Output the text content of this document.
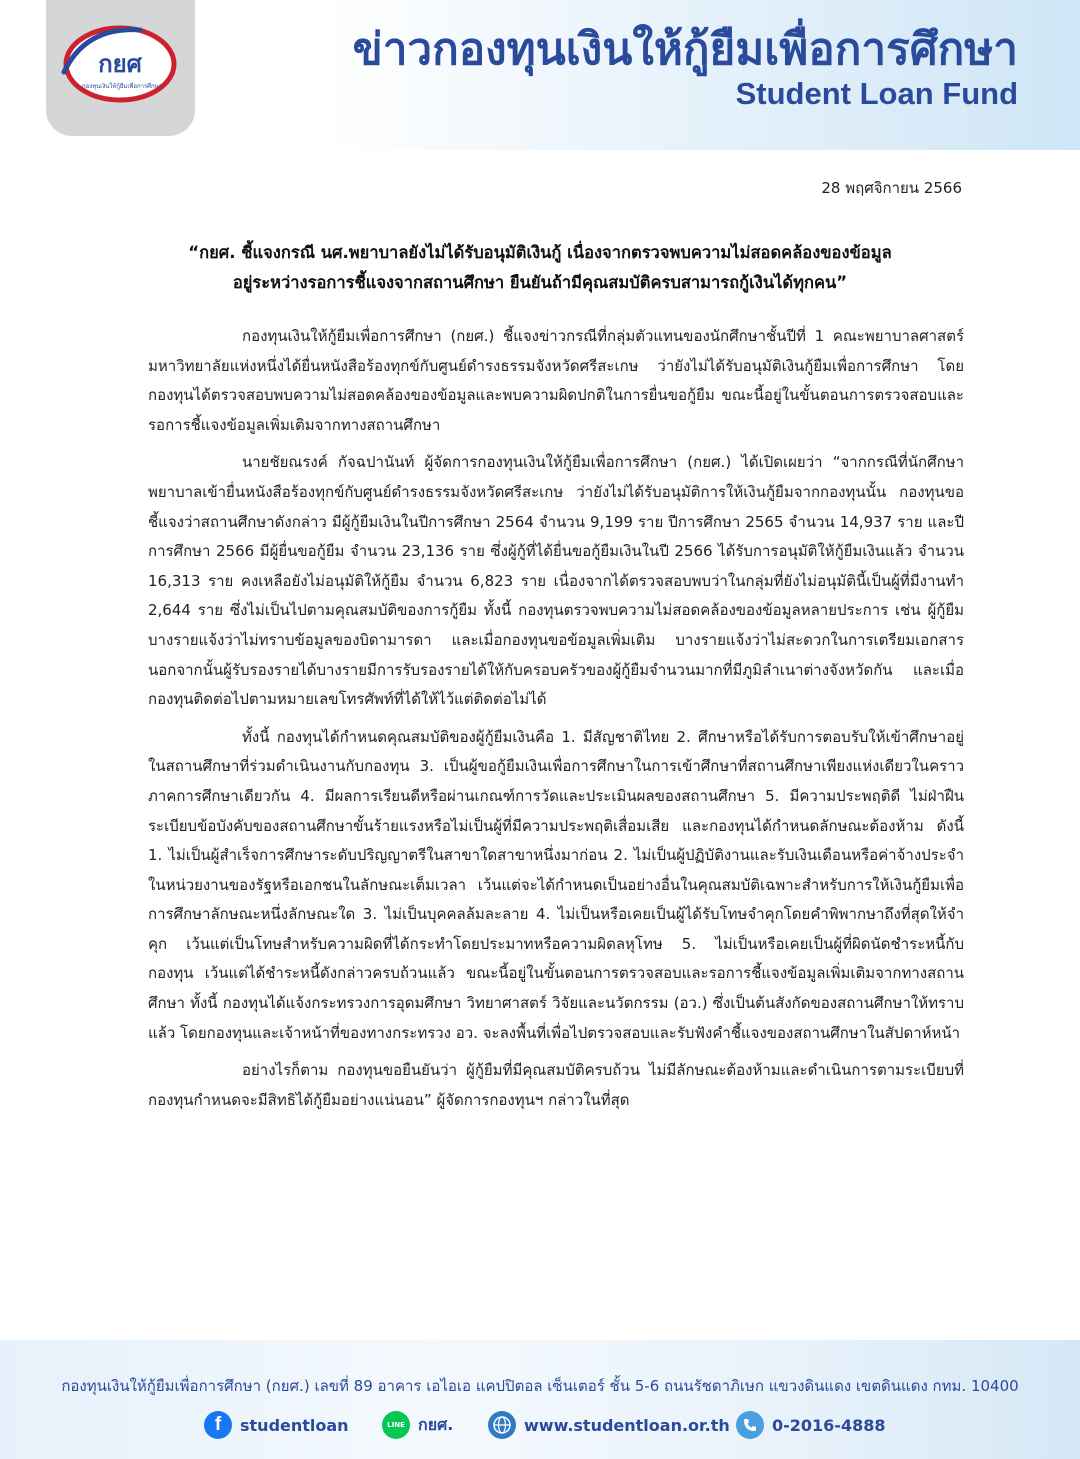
กยศ
กองทุนเงินให้กู้ยืมเพื่อการศึกษา
ข่าวกองทุนเงินให้กู้ยืมเพื่อการศึกษา
Student Loan Fund
28 พฤศจิกายน 2566
“กยศ. ชี้แจงกรณี นศ.พยาบาลยังไม่ได้รับอนุมัติเงินกู้ เนื่องจากตรวจพบความไม่สอดคล้องของข้อมูล
อยู่ระหว่างรอการชี้แจงจากสถานศึกษา ยืนยันถ้ามีคุณสมบัติครบสามารถกู้เงินได้ทุกคน”

กองทุนเงินให้กู้ยืมเพื่อการศึกษา (กยศ.) ชี้แจงข่าวกรณีที่กลุ่มตัวแทนของนักศึกษาชั้นปีที่ 1 คณะพยาบาลศาสตร์ มหาวิทยาลัยแห่งหนึ่งได้ยื่นหนังสือร้องทุกข์กับศูนย์ดำรงธรรมจังหวัดศรีสะเกษ ว่ายังไม่ได้รับอนุมัติเงินกู้ยืมเพื่อการศึกษา โดยกองทุนได้ตรวจสอบพบความไม่สอดคล้องของข้อมูลและพบความผิดปกติในการยื่นขอกู้ยืม ขณะนี้อยู่ในขั้นตอนการตรวจสอบและรอการชี้แจงข้อมูลเพิ่มเติมจากทางสถานศึกษา

นายชัยณรงค์ กัจฉปานันท์ ผู้จัดการกองทุนเงินให้กู้ยืมเพื่อการศึกษา (กยศ.) ได้เปิดเผยว่า “จากกรณีที่นักศึกษาพยาบาลเข้ายื่นหนังสือร้องทุกข์กับศูนย์ดำรงธรรมจังหวัดศรีสะเกษ ว่ายังไม่ได้รับอนุมัติการให้เงินกู้ยืมจากกองทุนนั้น กองทุนขอชี้แจงว่าสถานศึกษาดังกล่าว มีผู้กู้ยืมเงินในปีการศึกษา 2564 จำนวน 9,199 ราย ปีการศึกษา 2565 จำนวน 14,937 ราย และปีการศึกษา 2566 มีผู้ยื่นขอกู้ยืม จำนวน 23,136 ราย ซึ่งผู้กู้ที่ได้ยื่นขอกู้ยืมเงินในปี 2566 ได้รับการอนุมัติให้กู้ยืมเงินแล้ว จำนวน 16,313 ราย คงเหลือยังไม่อนุมัติให้กู้ยืม จำนวน 6,823 ราย เนื่องจากได้ตรวจสอบพบว่าในกลุ่มที่ยังไม่อนุมัตินี้เป็นผู้ที่มีงานทำ 2,644 ราย ซึ่งไม่เป็นไปตามคุณสมบัติของการกู้ยืม ทั้งนี้ กองทุนตรวจพบความไม่สอดคล้องของข้อมูลหลายประการ เช่น ผู้กู้ยืมบางรายแจ้งว่าไม่ทราบข้อมูลของบิดามารดา และเมื่อกองทุนขอข้อมูลเพิ่มเติม บางรายแจ้งว่าไม่สะดวกในการเตรียมเอกสาร นอกจากนั้นผู้รับรองรายได้บางรายมีการรับรองรายได้ให้กับครอบครัวของผู้กู้ยืมจำนวนมากที่มีภูมิลำเนาต่างจังหวัดกัน และเมื่อกองทุนติดต่อไปตามหมายเลขโทรศัพท์ที่ได้ให้ไว้แต่ติดต่อไม่ได้

ทั้งนี้ กองทุนได้กำหนดคุณสมบัติของผู้กู้ยืมเงินคือ 1. มีสัญชาติไทย 2. ศึกษาหรือได้รับการตอบรับให้เข้าศึกษาอยู่ในสถานศึกษาที่ร่วมดำเนินงานกับกองทุน 3. เป็นผู้ขอกู้ยืมเงินเพื่อการศึกษาในการเข้าศึกษาที่สถานศึกษาเพียงแห่งเดียวในคราวภาคการศึกษาเดียวกัน 4. มีผลการเรียนดีหรือผ่านเกณฑ์การวัดและประเมินผลของสถานศึกษา 5. มีความประพฤติดี ไม่ฝ่าฝืนระเบียบข้อบังคับของสถานศึกษาขั้นร้ายแรงหรือไม่เป็นผู้ที่มีความประพฤติเสื่อมเสีย และกองทุนได้กำหนดลักษณะต้องห้าม ดังนี้ 1. ไม่เป็นผู้สำเร็จการศึกษาระดับปริญญาตรีในสาขาใดสาขาหนึ่งมาก่อน 2. ไม่เป็นผู้ปฏิบัติงานและรับเงินเดือนหรือค่าจ้างประจำในหน่วยงานของรัฐหรือเอกชนในลักษณะเต็มเวลา เว้นแต่จะได้กำหนดเป็นอย่างอื่นในคุณสมบัติเฉพาะสำหรับการให้เงินกู้ยืมเพื่อการศึกษาลักษณะหนึ่งลักษณะใด 3. ไม่เป็นบุคคลล้มละลาย 4. ไม่เป็นหรือเคยเป็นผู้ได้รับโทษจำคุกโดยคำพิพากษาถึงที่สุดให้จำคุก เว้นแต่เป็นโทษสำหรับความผิดที่ได้กระทำโดยประมาทหรือความผิดลหุโทษ 5. ไม่เป็นหรือเคยเป็นผู้ที่ผิดนัดชำระหนี้กับกองทุน เว้นแต่ได้ชำระหนี้ดังกล่าวครบถ้วนแล้ว ขณะนี้อยู่ในขั้นตอนการตรวจสอบและรอการชี้แจงข้อมูลเพิ่มเติมจากทางสถานศึกษา ทั้งนี้ กองทุนได้แจ้งกระทรวงการอุดมศึกษา วิทยาศาสตร์ วิจัยและนวัตกรรม (อว.) ซึ่งเป็นต้นสังกัดของสถานศึกษาให้ทราบแล้ว โดยกองทุนและเจ้าหน้าที่ของทางกระทรวง อว. จะลงพื้นที่เพื่อไปตรวจสอบและรับฟังคำชี้แจงของสถานศึกษาในสัปดาห์หน้า

อย่างไรก็ตาม กองทุนขอยืนยันว่า ผู้กู้ยืมที่มีคุณสมบัติครบถ้วน ไม่มีลักษณะต้องห้ามและดำเนินการตามระเบียบที่กองทุนกำหนดจะมีสิทธิได้กู้ยืมอย่างแน่นอน” ผู้จัดการกองทุนฯ กล่าวในที่สุด

กองทุนเงินให้กู้ยืมเพื่อการศึกษา (กยศ.) เลขที่ 89 อาคาร เอไอเอ แคปปิตอล เซ็นเตอร์ ชั้น 5-6 ถนนรัชดาภิเษก แขวงดินแดง เขตดินแดง กทม. 10400
f	studentloan	LINE กยศ.	www.studentloan.or.th	0-2016-4888
